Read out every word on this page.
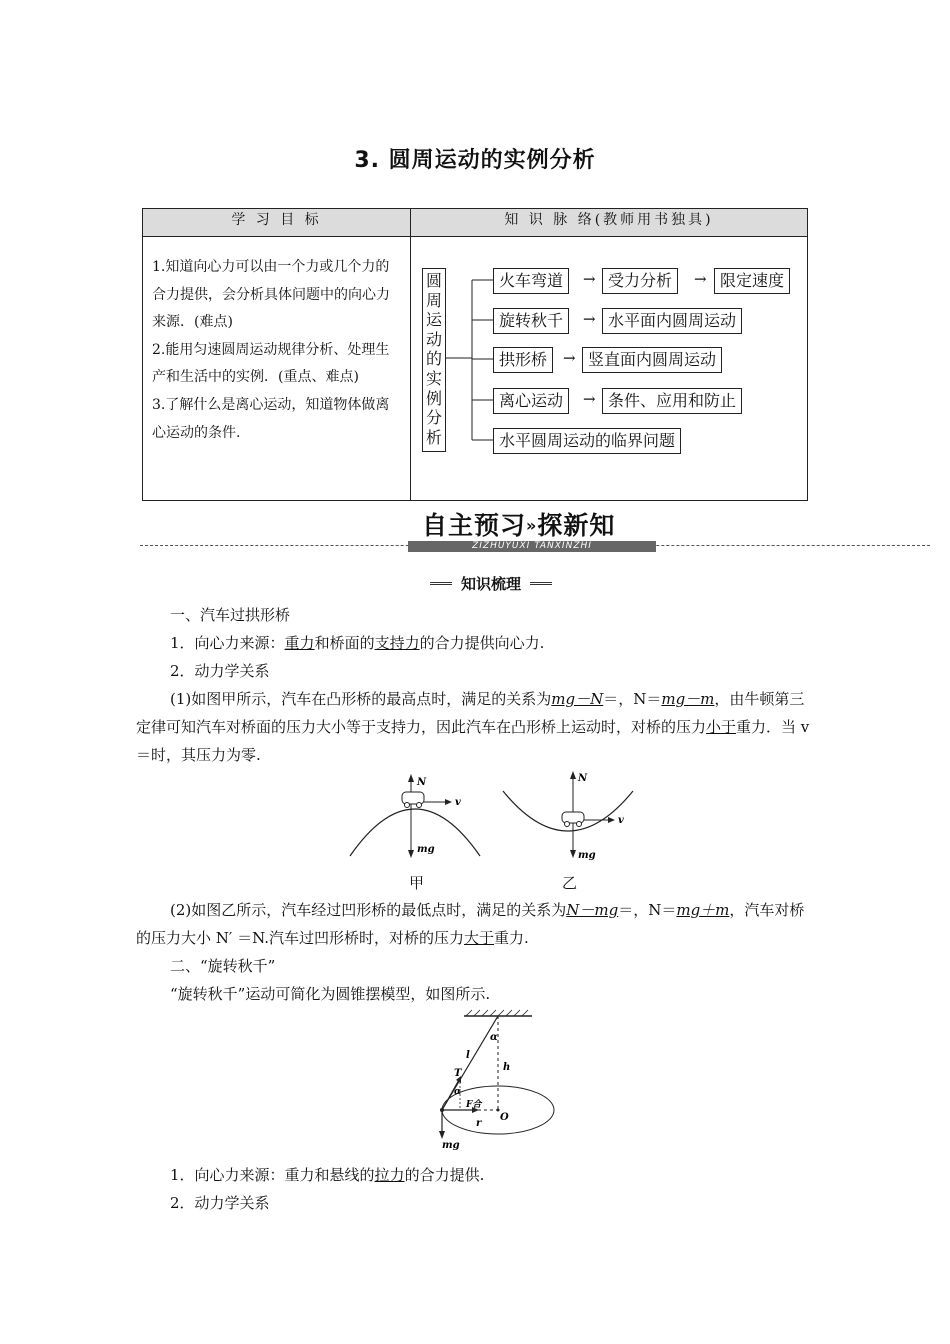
3. 圆周运动的实例分析
学 习 目 标	知 识 脉 络(教师用书独具)

1.知道向心力可以由一个力或几个力的合力提供，会分析具体问题中的向心力来源．(难点)
2.能用匀速圆周运动规律分析、处理生产和生活中的实例．(重点、难点)
3.了解什么是离心运动，知道物体做离心运动的条件.	

圆周运动的实例分析
火车弯道	→ 受力分析	→ 限定速度
旋转秋千	→ 水平面内圆周运动
拱形桥	→ 竖直面内圆周运动
离心运动	→ 条件、应用和防止
水平圆周运动的临界问题
自主预习»探新知
ZIZHUYUXI TANXINZHI
知识梳理
一、汽车过拱形桥
1．向心力来源：重力和桥面的支持力的合力提供向心力.
2．动力学关系
(1)如图甲所示，汽车在凸形桥的最高点时，满足的关系为mg－N＝，N＝mg－m，由牛顿第三定律可知汽车对桥面的压力大小等于支持力，因此汽车在凸形桥上运动时，对桥的压力小于重力．当 v＝时，其压力为零.
N
v
mg
甲
N
v
mg
乙
(2)如图乙所示，汽车经过凹形桥的最低点时，满足的关系为N－mg＝，N＝mg＋m，汽车对桥的压力大小 N′ ＝N.汽车过凹形桥时，对桥的压力大于重力.
二、“旋转秋千”
“旋转秋千”运动可简化为圆锥摆模型，如图所示.
α
l
h
T
α
F合
O
r
mg
1．向心力来源：重力和悬线的拉力的合力提供.
2．动力学关系
